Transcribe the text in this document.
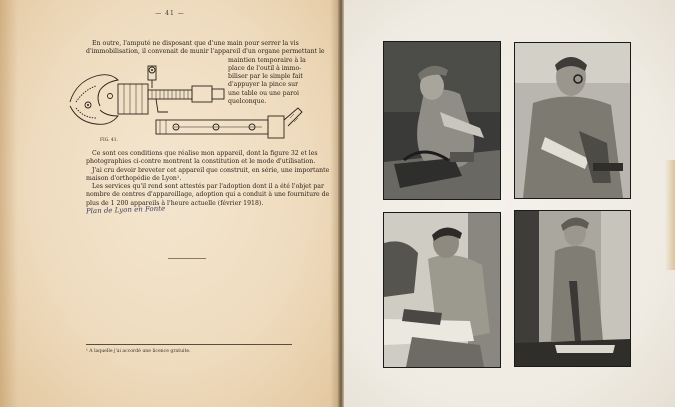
— 41 —
En outre, l'amputé ne disposant que d'une main pour serrer la vis
d'immobilisation, il convenait de munir l'appareil d'un organe permettant le
maintien temporaire à la
place de l'outil à immo-
biliser par le simple fait
d'appuyer la pince sur
une table ou une paroi
quelconque.
FIG. 41.
Ce sont ces conditions que réalise mon appareil, dont la figure 32 et les
photographies ci-contre montrent la constitution et le mode d'utilisation.
J'ai cru devoir breveter cet appareil que construit, en série, une importante
maison d'orthopédie de Lyon¹.
Les services qu'il rend sont attestés par l'adoption dont il a été l'objet par
nombre de centres d'appareillage, adoption qui a conduit à une fourniture de
plus de 1 200 appareils à l'heure actuelle (février 1918).
Plan de Lyon en Fonte
¹ A laquelle j'ai accordé une licence gratuite.
